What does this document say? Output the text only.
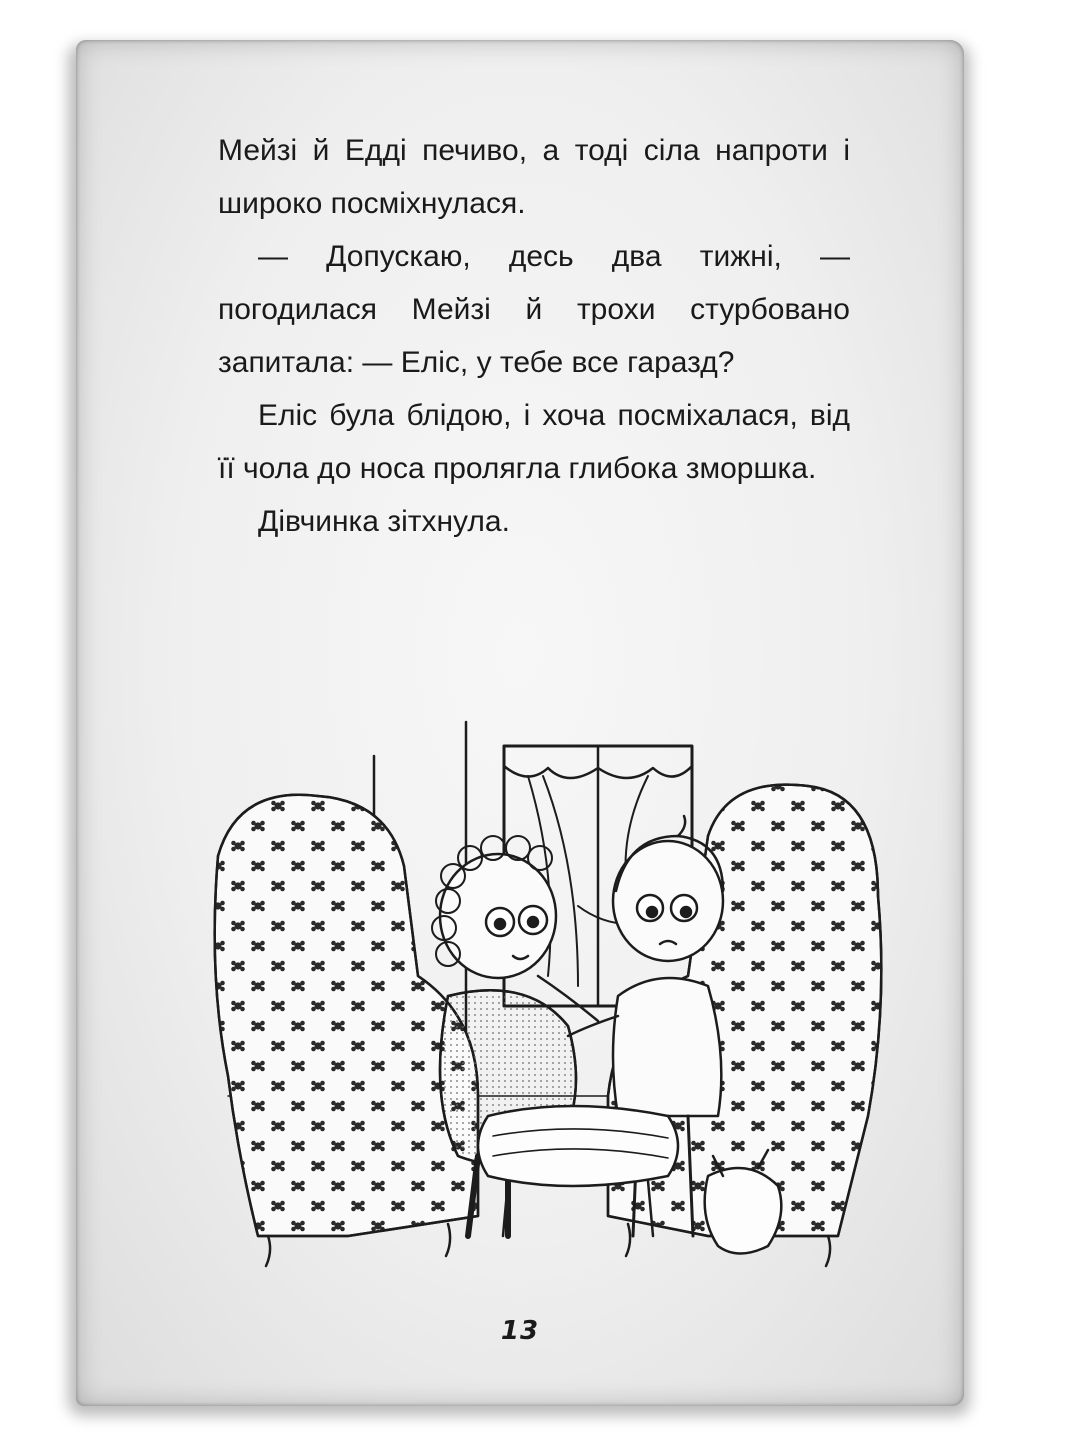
Мейзі й Едді печиво, а тоді сіла напроти і широко посміхнулася.

— Допускаю, десь два тижні, — погодилася Мейзі й трохи стурбовано запитала: — Еліс, у тебе все гаразд?

Еліс була блідою, і хоча посміхалася, від її чола до носа пролягла глибока зморшка.

Дівчинка зітхнула.

13
